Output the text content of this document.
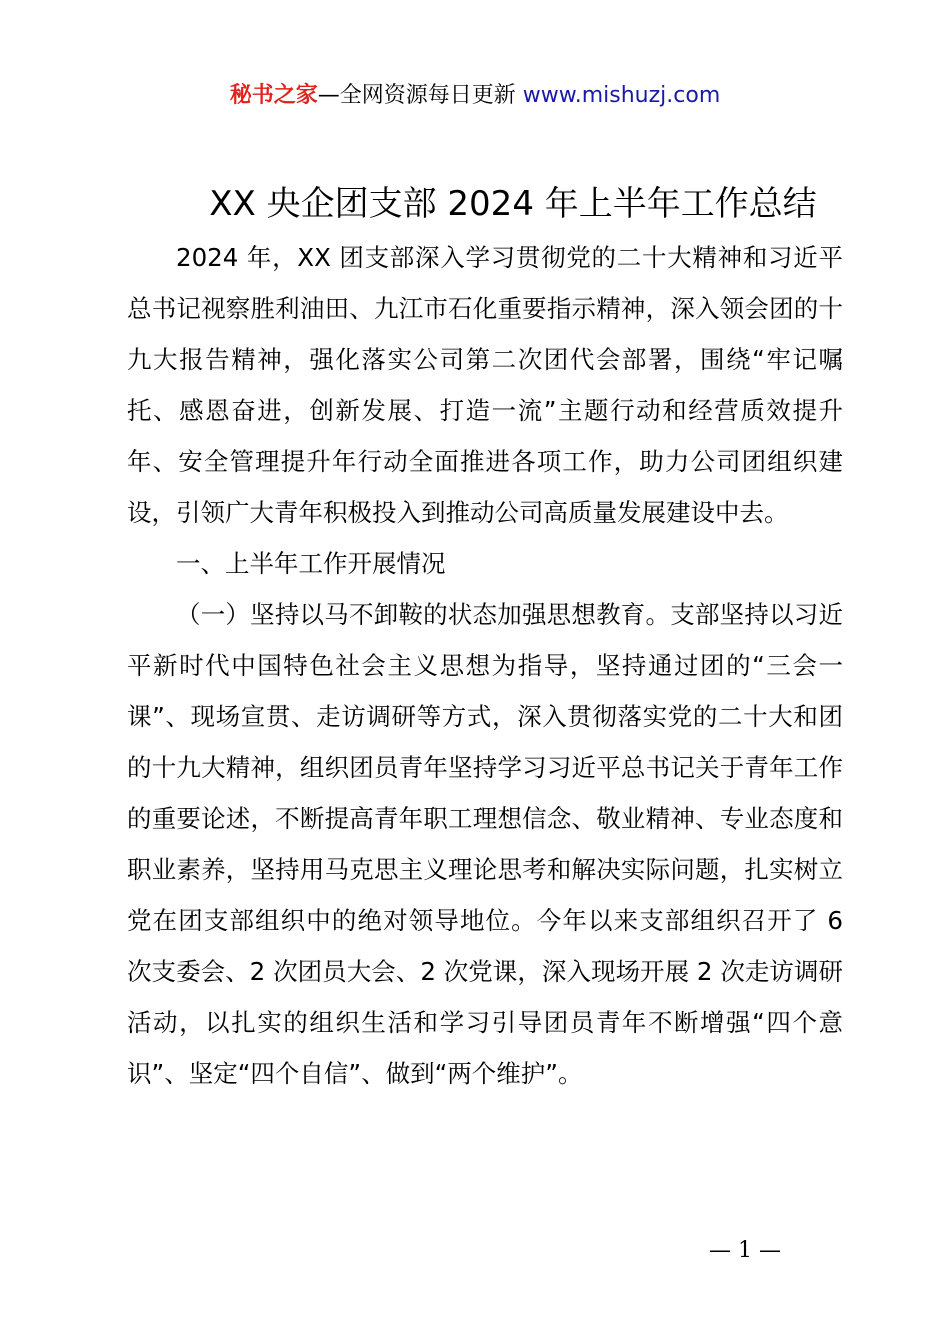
秘书之家—全网资源每日更新 www.mishuzj.com
XX 央企团支部 2024 年上半年工作总结

2024 年，XX 团支部深入学习贯彻党的二十大精神和习近平总书记视察胜利油田、九江市石化重要指示精神，深入领会团的十九大报告精神，强化落实公司第二次团代会部署，围绕“牢记嘱托、感恩奋进，创新发展、打造一流”主题行动和经营质效提升年、安全管理提升年行动全面推进各项工作，助力公司团组织建设，引领广大青年积极投入到推动公司高质量发展建设中去。

一、上半年工作开展情况

（一）坚持以马不卸鞍的状态加强思想教育。支部坚持以习近平新时代中国特色社会主义思想为指导，坚持通过团的“三会一课”、现场宣贯、走访调研等方式，深入贯彻落实党的二十大和团的十九大精神，组织团员青年坚持学习习近平总书记关于青年工作的重要论述，不断提高青年职工理想信念、敬业精神、专业态度和职业素养，坚持用马克思主义理论思考和解决实际问题，扎实树立党在团支部组织中的绝对领导地位。今年以来支部组织召开了 6 次支委会、2 次团员大会、2 次党课，深入现场开展 2 次走访调研活动，以扎实的组织生活和学习引导团员青年不断增强“四个意识”、坚定“四个自信”、做到“两个维护”。

— 1 —
